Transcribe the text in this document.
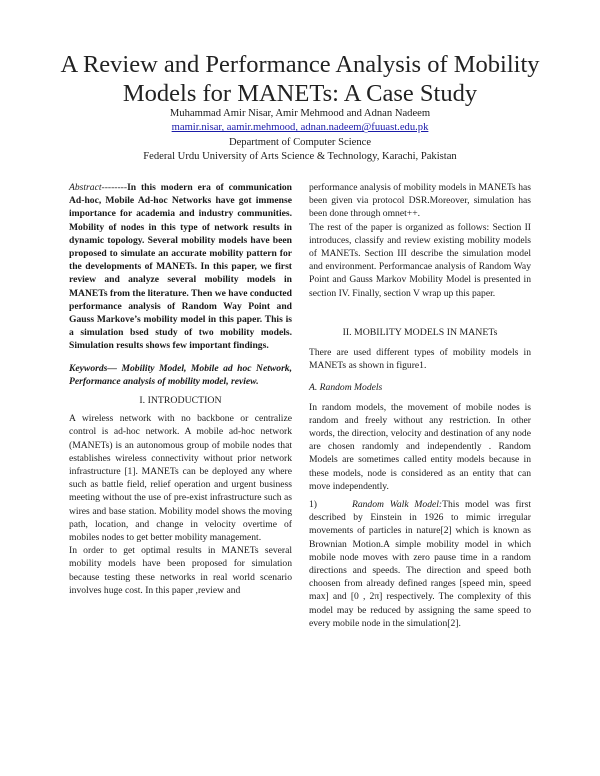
A Review and Performance Analysis of Mobility Models for MANETs: A Case Study
Muhammad Amir Nisar, Amir Mehmood and Adnan Nadeem
mamir.nisar, aamir.mehmood, adnan.nadeem@fuuast.edu.pk
Department of Computer Science
Federal Urdu University of Arts Science & Technology, Karachi, Pakistan

Abstract--------In this modern era of communication Ad-hoc, Mobile Ad-hoc Networks have got immense importance for academia and industry communities. Mobility of nodes in this type of network results in dynamic topology. Several mobility models have been proposed to simulate an accurate mobility pattern for the developments of MANETs. In this paper, we first review and analyze several mobility models in MANETs from the literature. Then we have conducted performance analysis of Random Way Point and Gauss Markove’s mobility model in this paper. This is a simulation bsed study of two mobility models. Simulation results shows few important findings.

Keywords— Mobility Model, Mobile ad hoc Network, Performance analysis of mobility model, review.

I. INTRODUCTION

A wireless network with no backbone or centralize control is ad-hoc network. A mobile ad-hoc network (MANETs) is an autonomous group of mobile nodes that establishes wireless connectivity without prior network infrastructure [1]. MANETs can be deployed any where such as battle field, relief operation and urgent business meeting without the use of pre-exist infrastructure such as wires and base station. Mobility model shows the moving path, location, and change in velocity overtime of mobiles nodes to get better mobility management.

In order to get optimal results in MANETs several mobility models have been proposed for simulation because testing these networks in real world scenario involves huge cost. In this paper ,review and

performance analysis of mobility models in MANETs has been given via protocol DSR.Moreover, simulation has been done through omnet++.

The rest of the paper is organized as follows: Section II introduces, classify and review existing mobility models of MANETs. Section III describe the simulation model and environment. Performancae analysis of Random Way Point and Gauss Markov Mobility Model is presented in section IV. Finally, section V wrap up this paper.

II. MOBILITY MODELS IN MANETs

There are used different types of mobility models in MANETs as shown in figure1.

A. Random Models

In random models, the movement of mobile nodes is random and freely without any restriction. In other words, the direction, velocity and destination of any node are chosen randomly and independently . Random Models are sometimes called entity models because in these models, node is considered as an entity that can move independently.

1)      Random Walk Model:This model was first described by Einstein in 1926 to mimic irregular movements of particles in nature[2] which is known as Brownian Motion.A simple mobility model in which mobile node moves with zero pause time in a random directions and speeds. The direction and speed both choosen from already defined ranges [speed min, speed max] and [0 , 2π] respectively. The complexity of this model may be reduced by assigning the same speed to every mobile node in the simulation[2].
